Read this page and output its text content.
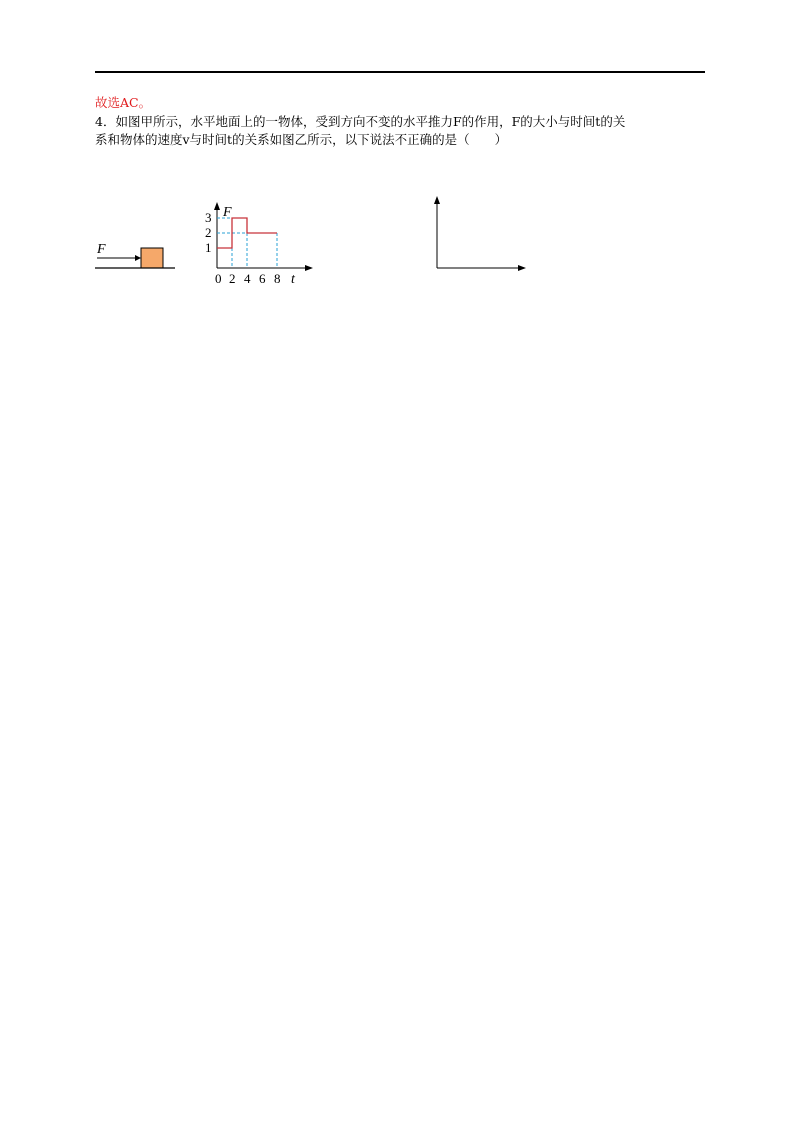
故选AC。
4．如图甲所示，水平地面上的一物体，受到方向不变的水平推力F的作用，F的大小与时间t的关
系和物体的速度v与时间t的关系如图乙所示，以下说法不正确的是（　　）
F
F
1
2
3
0 2 4 6 8 t
